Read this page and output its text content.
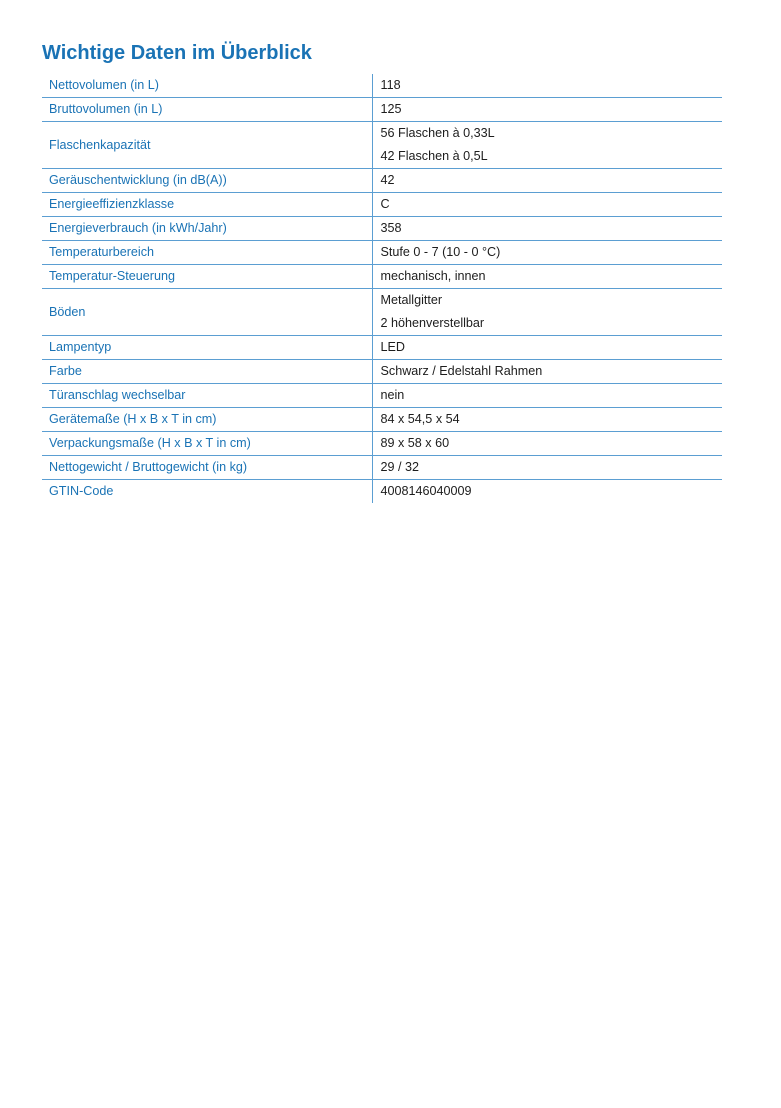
Wichtige Daten im Überblick
Nettovolumen (in L)	118

Bruttovolumen (in L)	125

Flaschenkapazität	56 Flaschen à 0,33L
42 Flaschen à 0,5L

Geräuschentwicklung (in dB(A))	42

Energieeffizienzklasse	C

Energieverbrauch (in kWh/Jahr)	358

Temperaturbereich	Stufe 0 - 7 (10 - 0 °C)

Temperatur-Steuerung	mechanisch, innen

Böden	Metallgitter
2 höhenverstellbar

Lampentyp	LED

Farbe	Schwarz / Edelstahl Rahmen

Türanschlag wechselbar	nein

Gerätemaße (H x B x T in cm)	84 x 54,5 x 54

Verpackungsmaße (H x B x T in cm)	89 x 58 x 60

Nettogewicht / Bruttogewicht (in kg)	29 / 32

GTIN-Code	4008146040009
